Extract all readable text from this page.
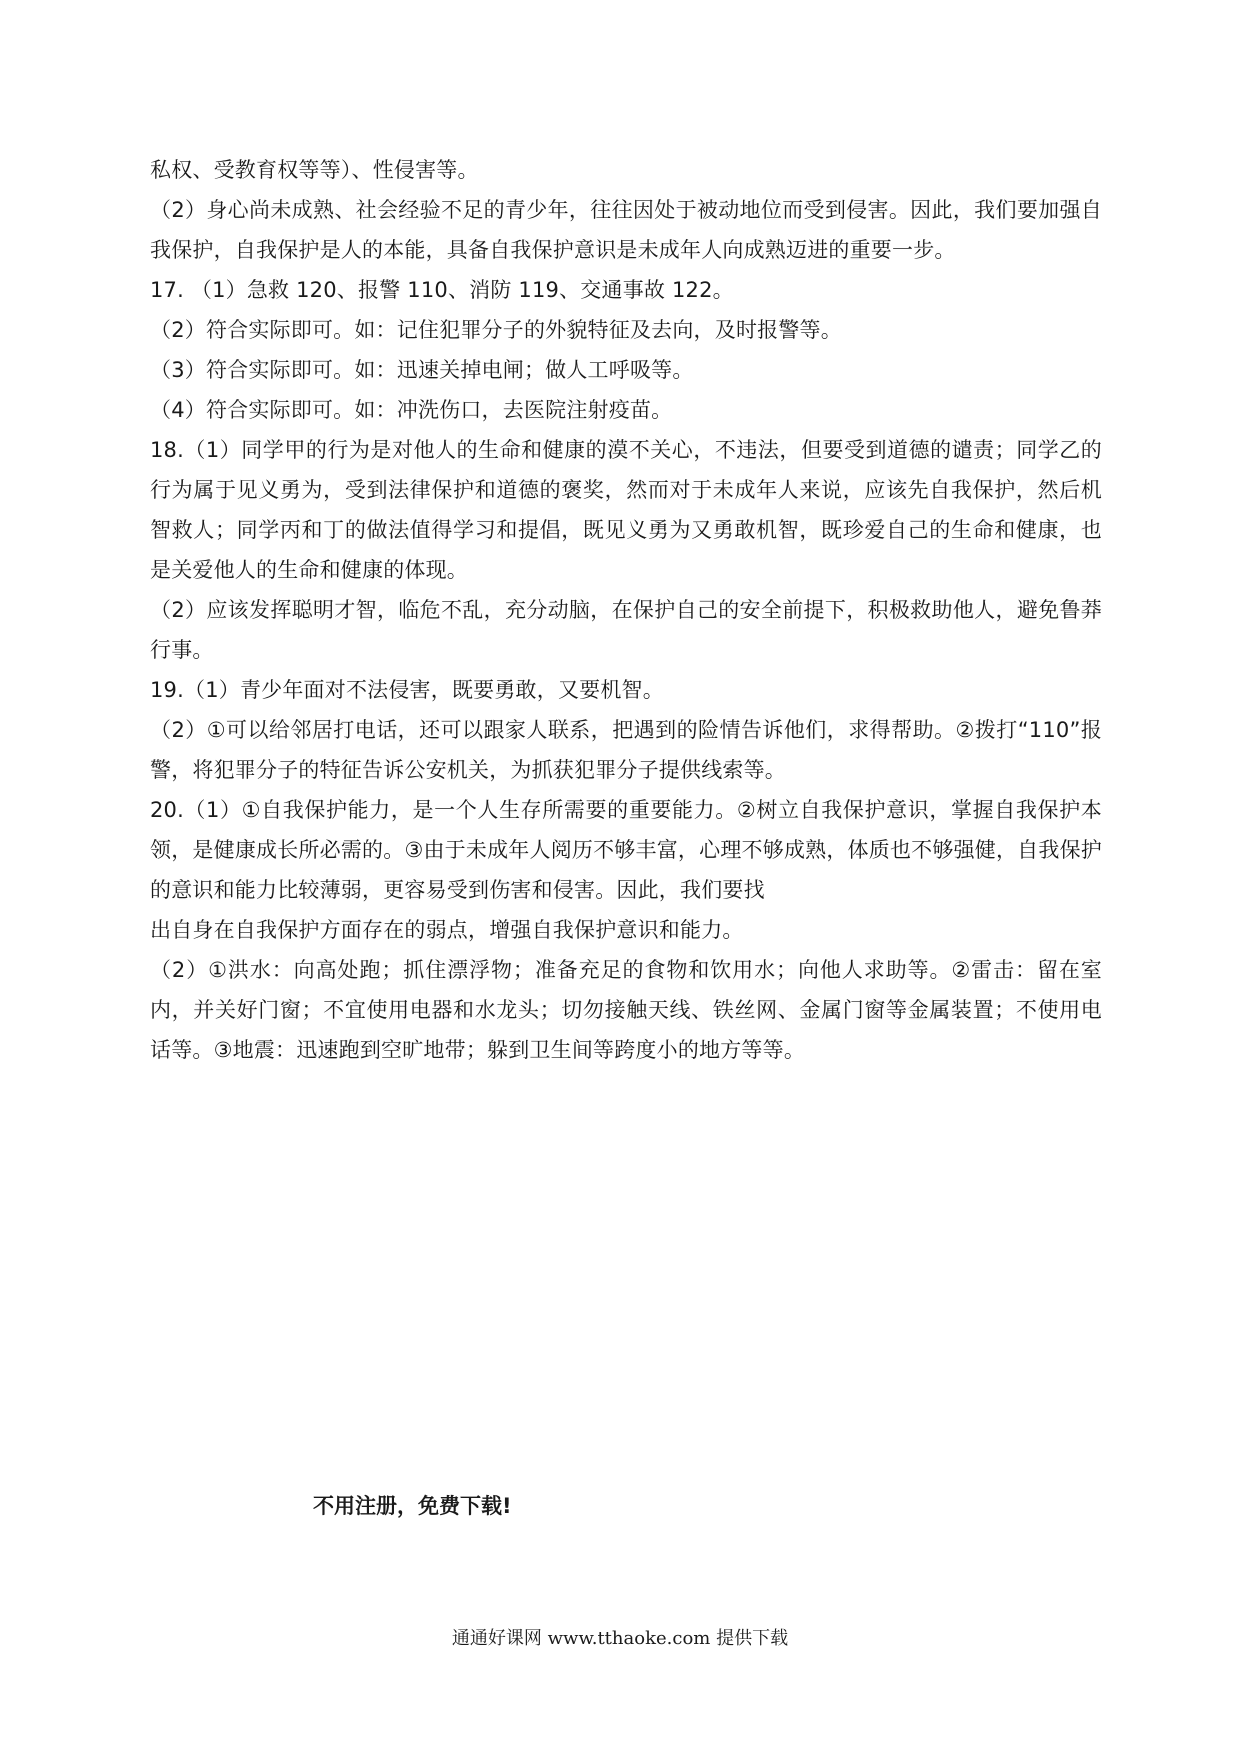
私权、受教育权等等）、性侵害等。

（2）身心尚未成熟、社会经验不足的青少年，往往因处于被动地位而受到侵害。因此，我们要加强自我保护，自我保护是人的本能，具备自我保护意识是未成年人向成熟迈进的重要一步。

17. （1）急救 120、报警 110、消防 119、交通事故 122。

（2）符合实际即可。如：记住犯罪分子的外貌特征及去向，及时报警等。

（3）符合实际即可。如：迅速关掉电闸；做人工呼吸等。

（4）符合实际即可。如：冲洗伤口，去医院注射疫苗。

18.（1）同学甲的行为是对他人的生命和健康的漠不关心，不违法，但要受到道德的谴责；同学乙的行为属于见义勇为，受到法律保护和道德的褒奖，然而对于未成年人来说，应该先自我保护，然后机智救人；同学丙和丁的做法值得学习和提倡，既见义勇为又勇敢机智，既珍爱自己的生命和健康，也是关爱他人的生命和健康的体现。

（2）应该发挥聪明才智，临危不乱，充分动脑，在保护自己的安全前提下，积极救助他人，避免鲁莽行事。

19.（1）青少年面对不法侵害，既要勇敢，又要机智。

（2）①可以给邻居打电话，还可以跟家人联系，把遇到的险情告诉他们，求得帮助。②拨打“110”报警，将犯罪分子的特征告诉公安机关，为抓获犯罪分子提供线索等。

20.（1）①自我保护能力，是一个人生存所需要的重要能力。②树立自我保护意识，掌握自我保护本领，是健康成长所必需的。③由于未成年人阅历不够丰富，心理不够成熟，体质也不够强健，自我保护的意识和能力比较薄弱，更容易受到伤害和侵害。因此，我们要找

出自身在自我保护方面存在的弱点，增强自我保护意识和能力。

（2）①洪水：向高处跑；抓住漂浮物；准备充足的食物和饮用水；向他人求助等。②雷击：留在室内，并关好门窗；不宜使用电器和水龙头；切勿接触天线、铁丝网、金属门窗等金属装置；不使用电话等。③地震：迅速跑到空旷地带；躲到卫生间等跨度小的地方等等。

不用注册，免费下载!
通通好课网 www.tthaoke.com 提供下载
